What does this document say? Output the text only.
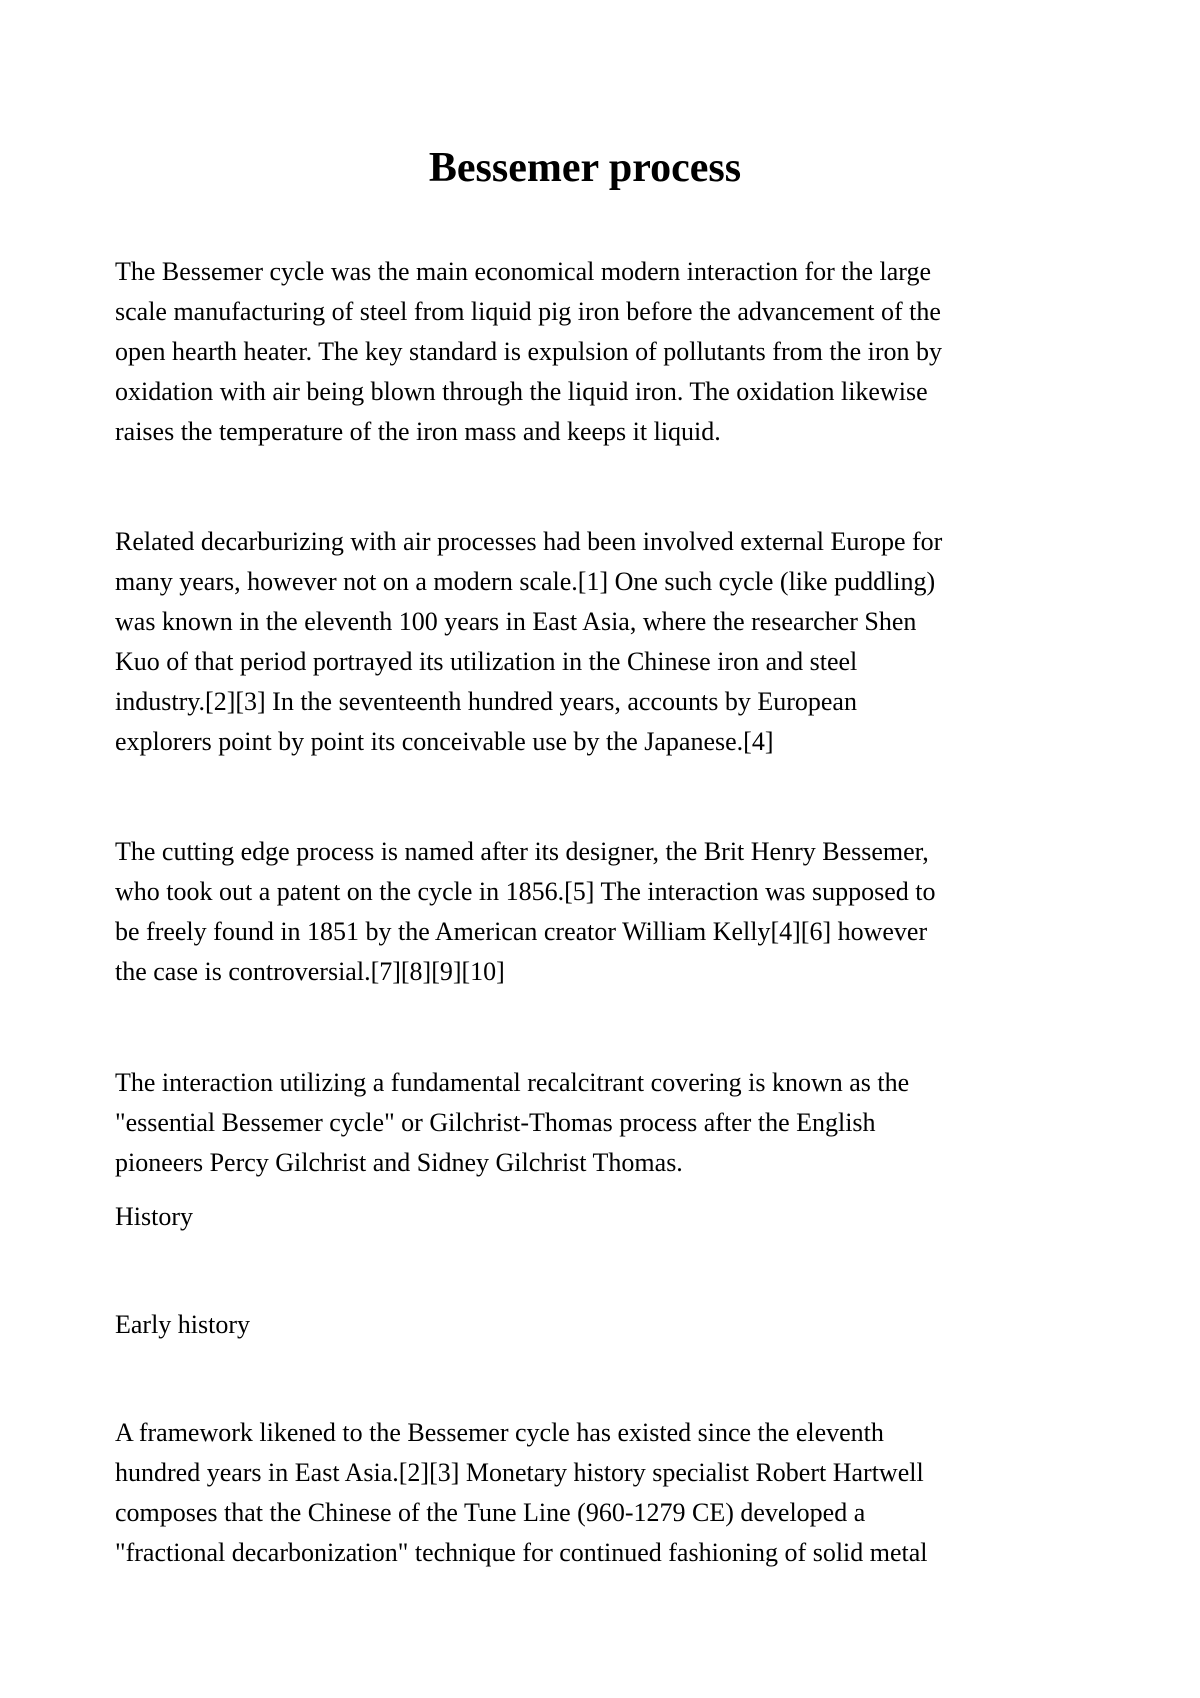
Bessemer process

The Bessemer cycle was the main economical modern interaction for the large
scale manufacturing of steel from liquid pig iron before the advancement of the
open hearth heater. The key standard is expulsion of pollutants from the iron by
oxidation with air being blown through the liquid iron. The oxidation likewise
raises the temperature of the iron mass and keeps it liquid.

Related decarburizing with air processes had been involved external Europe for
many years, however not on a modern scale.[1] One such cycle (like puddling)
was known in the eleventh 100 years in East Asia, where the researcher Shen
Kuo of that period portrayed its utilization in the Chinese iron and steel
industry.[2][3] In the seventeenth hundred years, accounts by European
explorers point by point its conceivable use by the Japanese.[4]

The cutting edge process is named after its designer, the Brit Henry Bessemer,
who took out a patent on the cycle in 1856.[5] The interaction was supposed to
be freely found in 1851 by the American creator William Kelly[4][6] however
the case is controversial.[7][8][9][10]

The interaction utilizing a fundamental recalcitrant covering is known as the
"essential Bessemer cycle" or Gilchrist-Thomas process after the English
pioneers Percy Gilchrist and Sidney Gilchrist Thomas.

History

Early history

A framework likened to the Bessemer cycle has existed since the eleventh
hundred years in East Asia.[2][3] Monetary history specialist Robert Hartwell
composes that the Chinese of the Tune Line (960-1279 CE) developed a
"fractional decarbonization" technique for continued fashioning of solid metal
